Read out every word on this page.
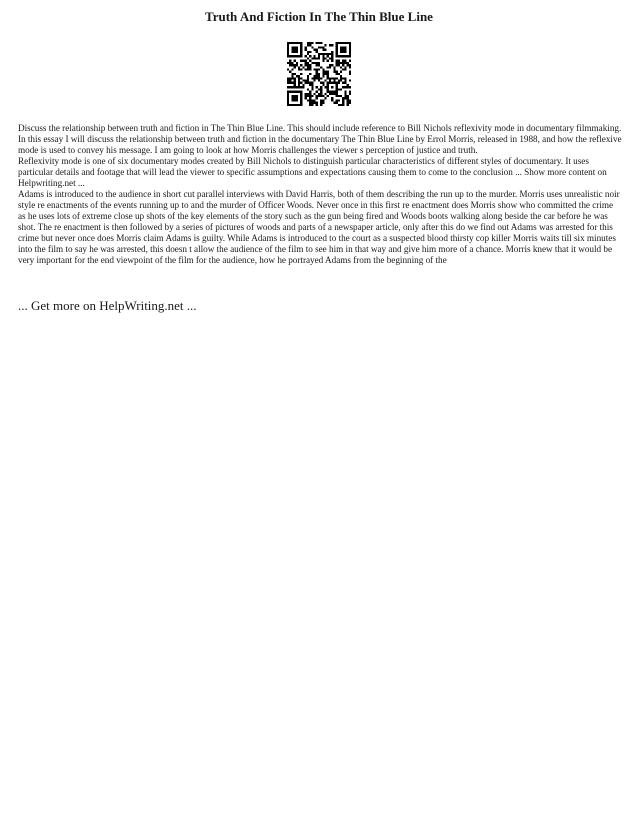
Truth And Fiction In The Thin Blue Line

Discuss the relationship between truth and fiction in The Thin Blue Line. This should include reference to Bill Nichols reflexivity mode in documentary filmmaking.

In this essay I will discuss the relationship between truth and fiction in the documentary The Thin Blue Line by Errol Morris, released in 1988, and how the reflexive mode is used to convey his message. I am going to look at how Morris challenges the viewer s perception of justice and truth.

Reflexivity mode is one of six documentary modes created by Bill Nichols to distinguish particular characteristics of different styles of documentary. It uses particular details and footage that will lead the viewer to specific assumptions and expectations causing them to come to the conclusion ... Show more content on Helpwriting.net ...

Adams is introduced to the audience in short cut parallel interviews with David Harris, both of them describing the run up to the murder. Morris uses unrealistic noir style re enactments of the events running up to and the murder of Officer Woods. Never once in this first re enactment does Morris show who committed the crime as he uses lots of extreme close up shots of the key elements of the story such as the gun being fired and Woods boots walking along beside the car before he was shot. The re enactment is then followed by a series of pictures of woods and parts of a newspaper article, only after this do we find out Adams was arrested for this crime but never once does Morris claim Adams is guilty. While Adams is introduced to the court as a suspected blood thirsty cop killer Morris waits till six minutes into the film to say he was arrested, this doesn t allow the audience of the film to see him in that way and give him more of a chance. Morris knew that it would be very important for the end viewpoint of the film for the audience, how he portrayed Adams from the beginning of the

... Get more on HelpWriting.net ...
